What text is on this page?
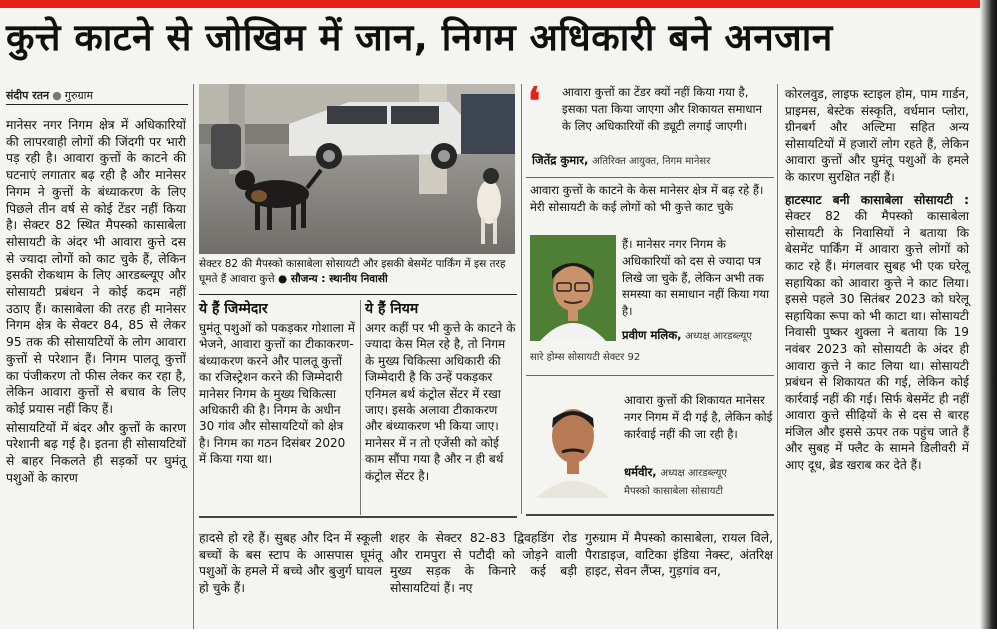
कुत्ते काटने से जोखिम में जान, निगम अधिकारी बने अनजान
संदीप रतन ● गुरुग्राम

मानेसर नगर निगम क्षेत्र में अधिकारियों की लापरवाही लोगों की जिंदगी पर भारी पड़ रही है। आवारा कुत्तों के काटने की घटनाएं लगातार बढ़ रही है और मानेसर निगम ने कुत्तों के बंध्याकरण के लिए पिछले तीन वर्ष से कोई टेंडर नहीं किया है। सेक्टर 82 स्थित मैपस्को कासाबेला सोसायटी के अंदर भी आवारा कुत्ते दस से ज्यादा लोगों को काट चुके हैं, लेकिन इसकी रोकथाम के लिए आरडब्ल्यूए और सोसायटी प्रबंधन ने कोई कदम नहीं उठाए हैं। कासाबेला की तरह ही मानेसर निगम क्षेत्र के सेक्टर 84, 85 से लेकर 95 तक की सोसायटियों के लोग आवारा कुत्तों से परेशान हैं। निगम पालतू कुत्तों का पंजीकरण तो फीस लेकर कर रहा है, लेकिन आवारा कुत्तों से बचाव के लिए कोई प्रयास नहीं किए हैं।

सोसायटियों में बंदर और कुत्तों के कारण परेशानी बढ़ गई है। इतना ही सोसायटियों से बाहर निकलते ही सड़कों पर घुमंतू पशुओं के कारण

सेक्टर 82 की मैपस्को कासाबेला सोसायटी और इसकी बेसमेंट पार्किंग में इस तरह घूमते हैं आवारा कुत्ते ● सौजन्य : स्थानीय निवासी
ये हैं जिम्मेदार
घुमंतू पशुओं को पकड़कर गोशाला में भेजने, आवारा कुत्तों का टीकाकरण-बंध्याकरण करने और पालतू कुत्तों का रजिस्ट्रेशन करने की जिम्मेदारी मानेसर निगम के मुख्य चिकित्सा अधिकारी की है। निगम के अधीन 30 गांव और सोसायटियों को क्षेत्र है। निगम का गठन दिसंबर 2020 में किया गया था।
ये हैं नियम
अगर कहीं पर भी कुत्ते के काटने के ज्यादा केस मिल रहे है, तो निगम के मुख्य चिकित्सा अधिकारी की जिम्मेदारी है कि उन्हें पकड़कर एनिमल बर्थ कंट्रोल सेंटर में रखा जाए। इसके अलावा टीकाकरण और बंध्याकरण भी किया जाए। मानेसर में न तो एजेंसी को कोई काम सौंपा गया है और न ही बर्थ कंट्रोल सेंटर है।
❛ आवारा कुत्तों का टेंडर क्यों नहीं किया गया है, इसका पता किया जाएगा और शिकायत समाधान के लिए अधिकारियों की ड्यूटी लगाई जाएगी।
जितेंद्र कुमार, अतिरिक्त आयुक्त, निगम मानेसर
आवारा कुत्तों के काटने के केस मानेसर क्षेत्र में बढ़ रहे हैं। मेरी सोसायटी के कई लोगों को भी कुत्ते काट चुके
हैं। मानेसर नगर निगम के अधिकारियों को दस से ज्यादा पत्र लिखे जा चुके हैं, लेकिन अभी तक समस्या का समाधान नहीं किया गया है।
प्रवीण मलिक, अध्यक्ष आरडब्ल्यूए
सारे होम्स सोसायटी सेक्टर 92
आवारा कुत्तों की शिकायत मानेसर नगर निगम में दी गई है, लेकिन कोई कार्रवाई नहीं की जा रही है।
धर्मवीर, अध्यक्ष आरडब्ल्यूए
मैपस्को कासाबेला सोसायटी
हादसे हो रहे हैं। सुबह और दिन में स्कूली बच्चों के बस स्टाप के आसपास घूमंतू पशुओं के हमले में बच्चे और बुजुर्ग घायल हो चुके हैं।
शहर के सेक्टर 82-83 द्विवहडिंग रोड और रामपुरा से पटौदी को जोड़ने वाली मुख्य सड़क के किनारे कई बड़ी सोसायटियां हैं। नए
गुरुग्राम में मैपस्को कासाबेला, रायल विले, पैराडाइज, वाटिका इंडिया नेक्स्ट, अंतरिक्ष हाइट, सेवन लैंप्स, गुड़गांव वन,

कोरलवुड, लाइफ स्टाइल होम, पाम गार्डन, प्राइमस, बेस्टेक संस्कृति, वर्धमान प्लोरा, ग्रीनबर्ग और अल्टिमा सहित अन्य सोसायटियों में हजारों लोग रहते हैं, लेकिन आवारा कुत्तों और घुमंतू पशुओं के हमले के कारण सुरक्षित नहीं हैं।

हाटस्पाट बनी कासाबेला सोसायटी : सेक्टर 82 की मैपस्को कासाबेला सोसायटी के निवासियों ने बताया कि बेसमेंट पार्किंग में आवारा कुत्ते लोगों को काट रहे हैं। मंगलवार सुबह भी एक घरेलू सहायिका को आवारा कुत्ते ने काट लिया। इससे पहले 30 सितंबर 2023 को घरेलू सहायिका रूपा को भी काटा था। सोसायटी निवासी पुष्कर शुक्ला ने बताया कि 19 नवंबर 2023 को सोसायटी के अंदर ही आवारा कुत्ते ने काट लिया था। सोसायटी प्रबंधन से शिकायत की गई, लेकिन कोई कार्रवाई नहीं की गई। सिर्फ बेसमेंट ही नहीं आवारा कुत्ते सीढ़ियों के से दस से बारह मंजिल और इससे ऊपर तक पहुंच जाते हैं और सुबह में फ्लैट के सामने डिलीवरी में आए दूध, ब्रेड खराब कर देते हैं।
